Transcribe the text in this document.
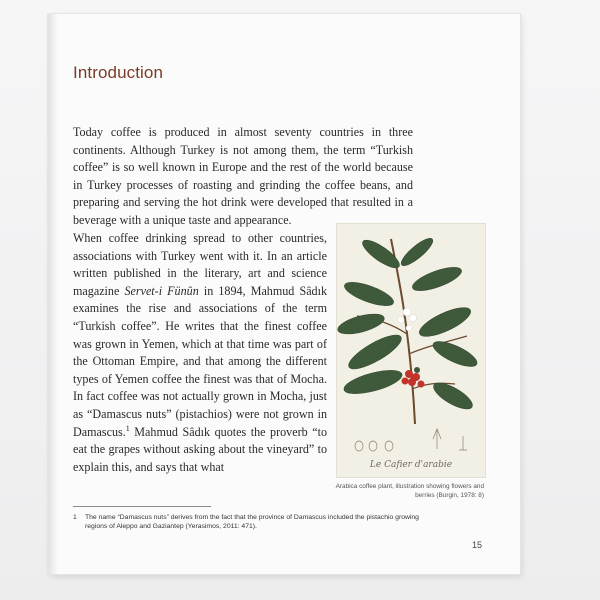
Introduction

Today coffee is produced in almost seventy countries in three continents. Although Turkey is not among them, the term “Turkish coffee” is so well known in Europe and the rest of the world because in Turkey processes of roasting and grinding the coffee beans, and preparing and serving the hot drink were developed that resulted in a beverage with a unique taste and appearance.

When coffee drinking spread to other countries, associations with Turkey went with it. In an article written published in the literary, art and science magazine Servet-i Fünûn in 1894, Mahmud Sâdık examines the rise and associations of the term “Turkish coffee”. He writes that the finest coffee was grown in Yemen, which at that time was part of the Ottoman Empire, and that among the different types of Yemen coffee the finest was that of Mocha. In fact coffee was not actually grown in Mocha, just as “Damascus nuts” (pistachios) were not grown in Damascus.$^1$ Mahmud Sâdık quotes the proverb “to eat the grapes without asking about the vineyard” to explain this, and says that what	Le Cafier d'arabie

Arabica coffee plant, illustration showing flowers and berries (Burgin, 1978: 8)

1	The name “Damascus nuts” derives from the fact that the province of Damascus included the pistachio growing regions of Aleppo and Gaziantep (Yerasimos, 2011: 471).

15
